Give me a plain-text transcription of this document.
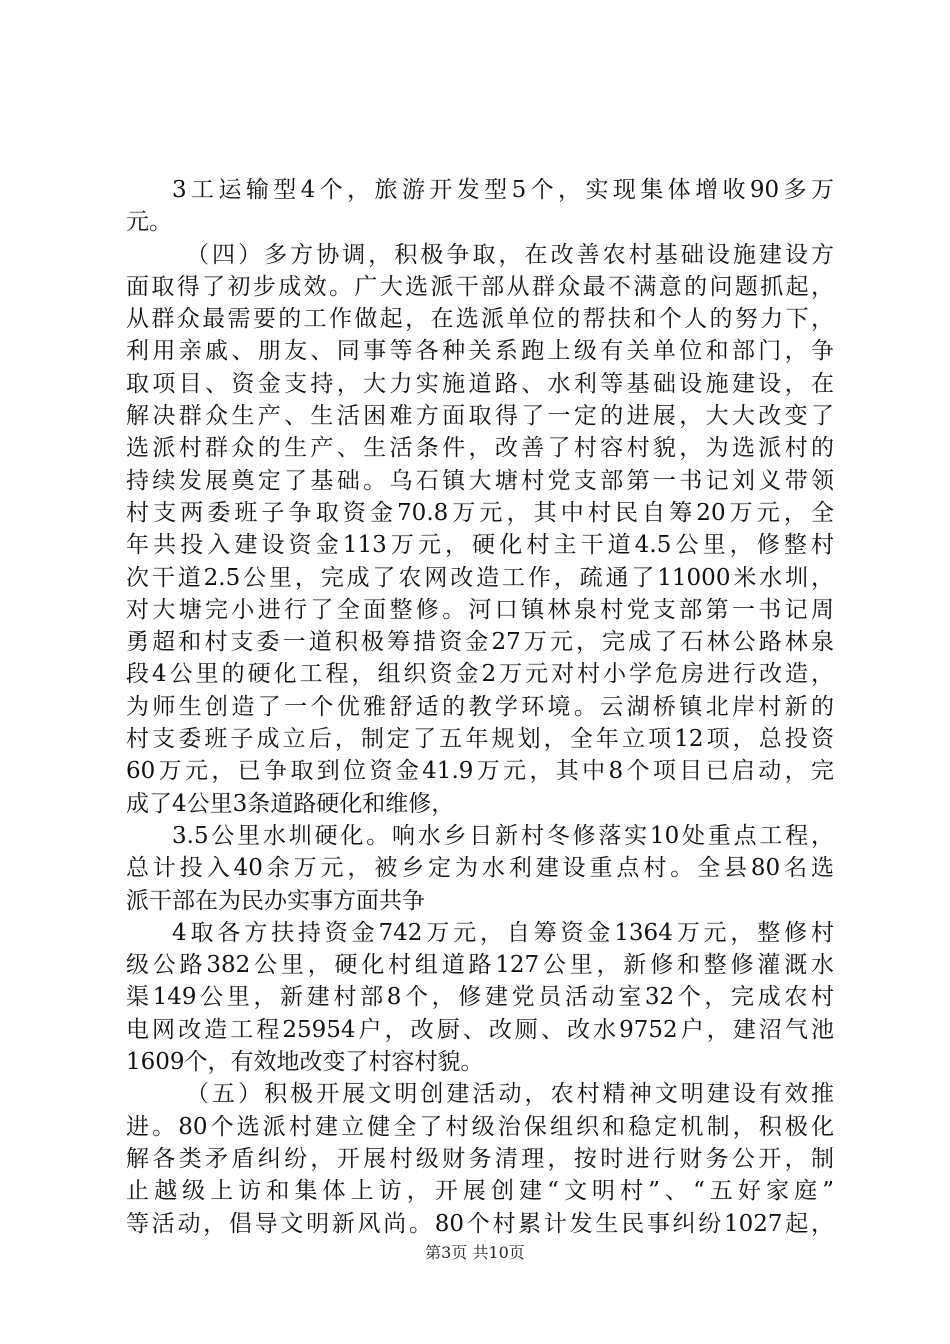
3工运输型4个，旅游开发型5个，实现集体增收90多万
元。
（四）多方协调，积极争取，在改善农村基础设施建设方
面取得了初步成效。广大选派干部从群众最不满意的问题抓起，
从群众最需要的工作做起，在选派单位的帮扶和个人的努力下，
利用亲戚、朋友、同事等各种关系跑上级有关单位和部门，争
取项目、资金支持，大力实施道路、水利等基础设施建设，在
解决群众生产、生活困难方面取得了一定的进展，大大改变了
选派村群众的生产、生活条件，改善了村容村貌，为选派村的
持续发展奠定了基础。乌石镇大塘村党支部第一书记刘义带领
村支两委班子争取资金70.8万元，其中村民自筹20万元，全
年共投入建设资金113万元，硬化村主干道4.5公里，修整村
次干道2.5公里，完成了农网改造工作，疏通了11000米水圳，
对大塘完小进行了全面整修。河口镇林泉村党支部第一书记周
勇超和村支委一道积极筹措资金27万元，完成了石林公路林泉
段4公里的硬化工程，组织资金2万元对村小学危房进行改造，
为师生创造了一个优雅舒适的教学环境。云湖桥镇北岸村新的
村支委班子成立后，制定了五年规划，全年立项12项，总投资
60万元，已争取到位资金41.9万元，其中8个项目已启动，完
成了4公里3条道路硬化和维修，
3.5公里水圳硬化。响水乡日新村冬修落实10处重点工程，
总计投入40余万元，被乡定为水利建设重点村。全县80名选
派干部在为民办实事方面共争
4取各方扶持资金742万元，自筹资金1364万元，整修村
级公路382公里，硬化村组道路127公里，新修和整修灌溉水
渠149公里，新建村部8个，修建党员活动室32个，完成农村
电网改造工程25954户，改厨、改厕、改水9752户，建沼气池
1609个，有效地改变了村容村貌。
（五）积极开展文明创建活动，农村精神文明建设有效推
进。80个选派村建立健全了村级治保组织和稳定机制，积极化
解各类矛盾纠纷，开展村级财务清理，按时进行财务公开，制
止越级上访和集体上访，开展创建“文明村”、“五好家庭”
等活动，倡导文明新风尚。80个村累计发生民事纠纷1027起，
第3页 共10页
